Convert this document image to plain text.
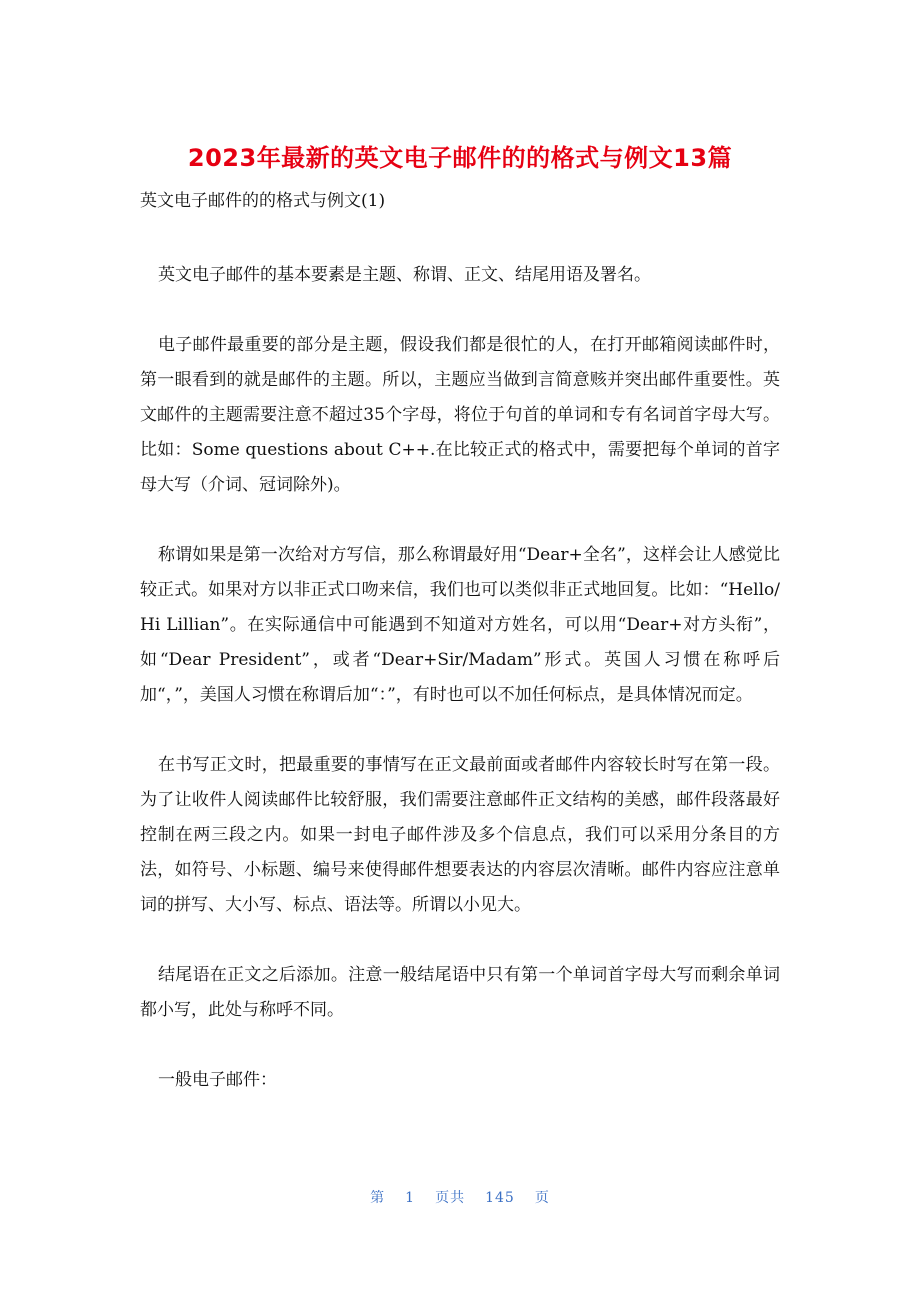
2023年最新的英文电子邮件的的格式与例文13篇
英文电子邮件的的格式与例文(1)

英文电子邮件的基本要素是主题、称谓、正文、结尾用语及署名。

电子邮件最重要的部分是主题，假设我们都是很忙的人，在打开邮箱阅读邮件时，第一眼看到的就是邮件的主题。所以，主题应当做到言简意赅并突出邮件重要性。英文邮件的主题需要注意不超过35个字母，将位于句首的单词和专有名词首字母大写。比如：Some questions about C++.在比较正式的格式中，需要把每个单词的首字母大写（介词、冠词除外)。

称谓如果是第一次给对方写信，那么称谓最好用“Dear+全名”，这样会让人感觉比较正式。如果对方以非正式口吻来信，我们也可以类似非正式地回复。比如：“Hello/Hi Lillian”。在实际通信中可能遇到不知道对方姓名，可以用“Dear+对方头衔”，如“Dear President”，或者“Dear+Sir/Madam”形式。英国人习惯在称呼后加“，”，美国人习惯在称谓后加“：”，有时也可以不加任何标点，是具体情况而定。

在书写正文时，把最重要的事情写在正文最前面或者邮件内容较长时写在第一段。为了让收件人阅读邮件比较舒服，我们需要注意邮件正文结构的美感，邮件段落最好控制在两三段之内。如果一封电子邮件涉及多个信息点，我们可以采用分条目的方法，如符号、小标题、编号来使得邮件想要表达的内容层次清晰。邮件内容应注意单词的拼写、大小写、标点、语法等。所谓以小见大。

结尾语在正文之后添加。注意一般结尾语中只有第一个单词首字母大写而剩余单词都小写，此处与称呼不同。

一般电子邮件：

第 1 页共 145 页
